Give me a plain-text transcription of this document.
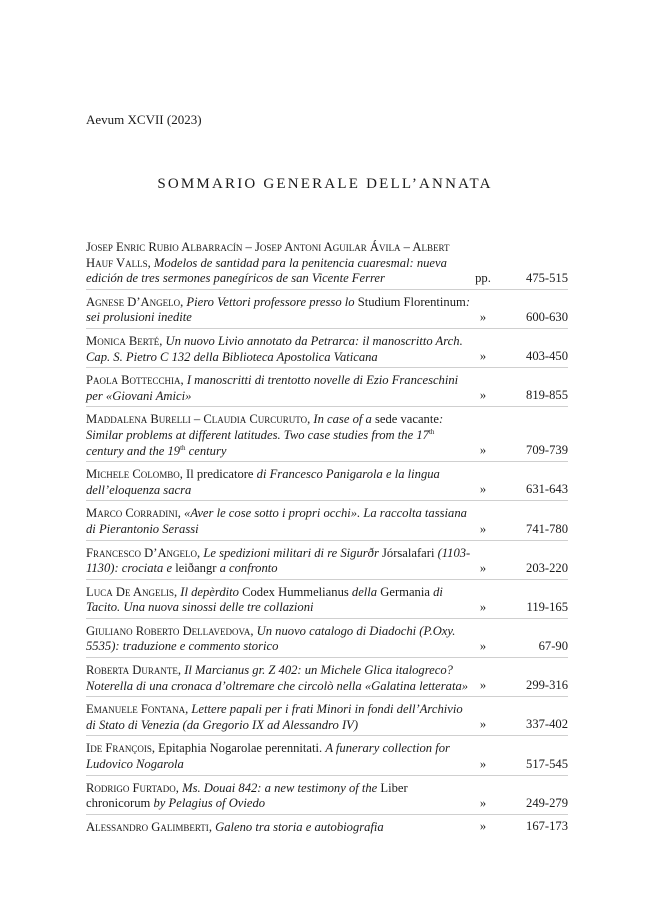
Aevum XCVII (2023)
SOMMARIO GENERALE DELL’ANNATA
Josep Enric Rubio Albarracín – Josep Antoni Aguilar Ávila – Albert Hauf Valls, Modelos de santidad para la penitencia cuaresmal: nueva edición de tres sermones panegíricos de san Vicente Ferrer	pp.	475-515
Agnese D’Angelo, Piero Vettori professore presso lo Studium Florentinum: sei prolusioni inedite	»	600-630
Monica Berté, Un nuovo Livio annotato da Petrarca: il manoscritto Arch. Cap. S. Pietro C 132 della Biblioteca Apostolica Vaticana	»	403-450
Paola Bottecchia, I manoscritti di trentotto novelle di Ezio Franceschini per «Giovani Amici»	»	819-855
Maddalena Burelli – Claudia Curcuruto, In case of a sede vacante: Similar problems at different latitudes. Two case studies from the 17th century and the 19th century	»	709-739
Michele Colombo, Il predicatore di Francesco Panigarola e la lingua dell’eloquenza sacra	»	631-643
Marco Corradini, «Aver le cose sotto i propri occhi». La raccolta tassiana di Pierantonio Serassi	»	741-780
Francesco D’Angelo, Le spedizioni militari di re Sigurðr Jórsalafari (1103-1130): crociata e leiðangr a confronto	»	203-220
Luca De Angelis, Il depèrdito Codex Hummelianus della Germania di Tacito. Una nuova sinossi delle tre collazioni	»	119-165
Giuliano Roberto Dellavedova, Un nuovo catalogo di Diadochi (P.Oxy. 5535): traduzione e commento storico	»	67-90
Roberta Durante, Il Marcianus gr. Z 402: un Michele Glica italogreco? Noterella di una cronaca d’oltremare che circolò nella «Galatina letterata» »	299-316
Emanuele Fontana, Lettere papali per i frati Minori in fondi dell’Archivio di Stato di Venezia (da Gregorio IX ad Alessandro IV)	»	337-402
Ide François, Epitaphia Nogarolae perennitati. A funerary collection for Ludovico Nogarola	»	517-545
Rodrigo Furtado, Ms. Douai 842: a new testimony of the Liber chronicorum by Pelagius of Oviedo	»	249-279
Alessandro Galimberti, Galeno tra storia e autobiografia	»	167-173
